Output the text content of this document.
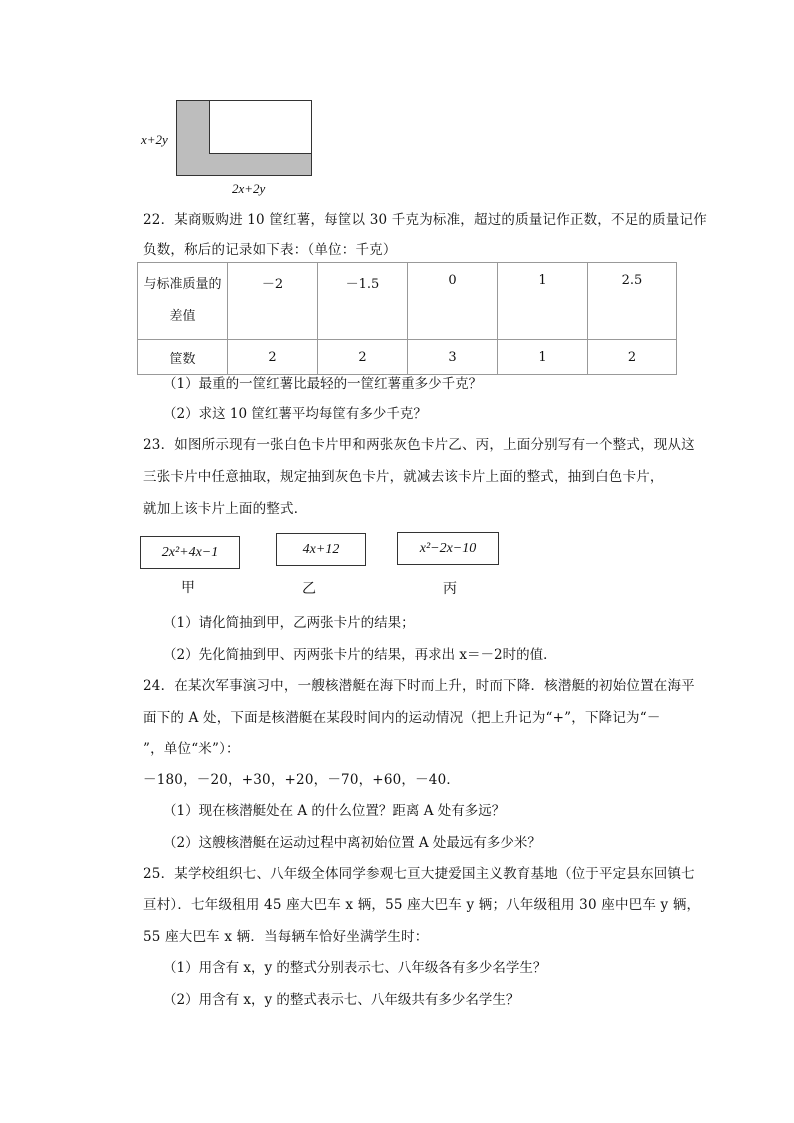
x+2y
2x+2y
22．某商贩购进 10 筐红薯，每筐以 30 千克为标准，超过的质量记作正数，不足的质量记作
负数，称后的记录如下表：（单位：千克）
与标准质量的
差值	－2	－1.5	0	1	2.5
筐数	2	2	3	1	2
（1）最重的一筐红薯比最轻的一筐红薯重多少千克？
（2）求这 10 筐红薯平均每筐有多少千克？
23．如图所示现有一张白色卡片甲和两张灰色卡片乙、丙，上面分别写有一个整式，现从这
三张卡片中任意抽取，规定抽到灰色卡片，就减去该卡片上面的整式，抽到白色卡片，
就加上该卡片上面的整式．
2x²+4x−1	4x+12	x²−2x−10
甲	乙	丙
（1）请化简抽到甲，乙两张卡片的结果；
（2）先化简抽到甲、丙两张卡片的结果，再求出 x＝－2时的值．
24．在某次军事演习中，一艘核潜艇在海下时而上升，时而下降．核潜艇的初始位置在海平
面下的 A 处，下面是核潜艇在某段时间内的运动情况（把上升记为“+”，下降记为“－
”，单位“米”）：
－180，－20，+30，+20，－70，+60，－40．
（1）现在核潜艇处在 A 的什么位置？距离 A 处有多远？
（2）这艘核潜艇在运动过程中离初始位置 A 处最远有多少米？
25．某学校组织七、八年级全体同学参观七亘大捷爱国主义教育基地（位于平定县东回镇七
亘村）．七年级租用 45 座大巴车 x 辆，55 座大巴车 y 辆；八年级租用 30 座中巴车 y 辆，
55 座大巴车 x 辆．当每辆车恰好坐满学生时：
（1）用含有 x，y 的整式分别表示七、八年级各有多少名学生？
（2）用含有 x，y 的整式表示七、八年级共有多少名学生？
